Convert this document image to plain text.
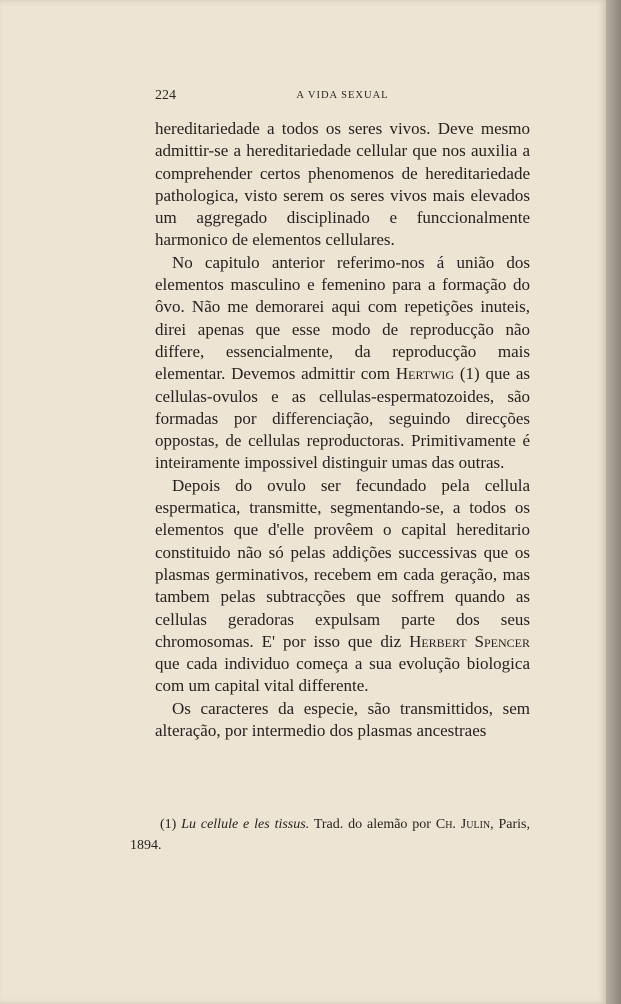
224	A VIDA SEXUAL

hereditariedade a todos os seres vivos. Deve mesmo admittir-se a hereditariedade cellular que nos auxilia a comprehender certos phenomenos de hereditariedade pathologica, visto serem os seres vivos mais elevados um aggregado disciplinado e funccionalmente harmonico de elementos cellulares.

No capitulo anterior referimo-nos á união dos elementos masculino e femenino para a formação do ôvo. Não me demorarei aqui com repetições inuteis, direi apenas que esse modo de reproducção não differe, essencialmente, da reproducção mais elementar. Devemos admittir com Hertwig (1) que as cellulas-ovulos e as cellulas-espermatozoides, são formadas por differenciação, seguindo direcções oppostas, de cellulas reproductoras. Primitivamente é inteiramente impossivel distinguir umas das outras.

Depois do ovulo ser fecundado pela cellula espermatica, transmitte, segmentando-se, a todos os elementos que d'elle provêem o capital hereditario constituido não só pelas addições successivas que os plasmas germinativos, recebem em cada geração, mas tambem pelas subtracções que soffrem quando as cellulas geradoras expulsam parte dos seus chromosomas. E' por isso que diz Herbert Spencer que cada individuo começa a sua evolução biologica com um capital vital differente.

Os caracteres da especie, são transmittidos, sem alteração, por intermedio dos plasmas ancestraes

(1) Lu cellule e les tissus. Trad. do alemão por Ch. Julin, Paris, 1894.
